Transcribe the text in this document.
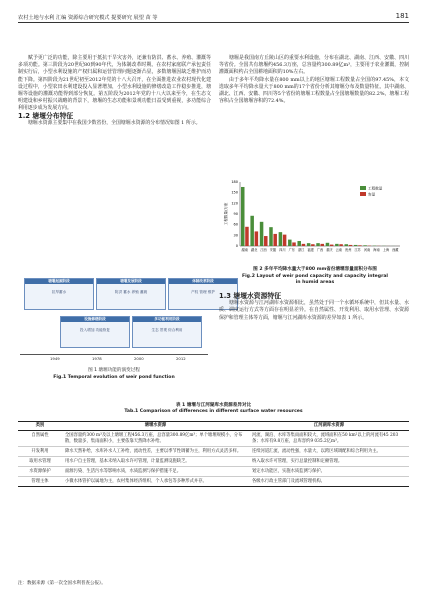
农村土地与水利 汇编 资源综合研究模式 提要研究 展望 苗 等	181

赋予更广泛的功能，除主要用于抵抗干旱灾害外，还兼有防洪、蓄水、养殖、灌溉等多项功能。第三阶段为20世纪80到90年代，为体制改革时期。在农村家庭联产承包责任制实行后，小型水利设施的产权归属和运营管理问题逐渐凸显，多数塘堰因缺乏维护而功能下降。第四阶段为21世纪初至2012年党的十八大召开，在全面推进农业农村现代化建设过程中，小型农田水利建设投入显著增加，小型水利设施的修缮改造工作稳步推进，塘堰等设施的灌溉功能得到部分恢复。第五阶段为2012年党的十八大以来至今，在生态文明建设和乡村振兴战略的背景下，塘堰的生态功能和景观功能日益受到重视，多功能综合利用逐步成为发展方向。

1.2 塘堰分布特征

塘堰水资源主要集中在我国少数省份，全国塘堰水资源的分布情况如图 1 所示。

塘堰起源阶段
抗旱蓄水
塘堰发展阶段
防洪 蓄水 养殖 灌溉
体制改革阶段
产权 管理 维护
设施修缮阶段
投入增加 功能恢复
多功能利用阶段
生态 景观 综合利用
1949	1978	2000	2012
图 1 塘堰功能的演变过程
Fig.1 Temporal evolution of weir pond function

塘堰是我国南方丘陵山区的重要水利设施，分布在湖北、湖南、江西、安徽、四川等省份。全国共有塘堰约456.3万座，总容量约300.89亿m³，主要用于农业灌溉，控制灌溉面积约占全国耕地面积的10%左右。

由于多年平均降水量在800 mm以上的地区塘堰工程数量占全国的97.45%，本文选取多年平均降水量大于800 mm的17个省份分析其塘堰分布及数量特征。其中湖南、湖北、江西、安徽、四川等5个省份的塘堰工程数量占全国塘堰数量的82.2%，塘堰工程容积占全国塘堰容积的72.4%。

0
30
60
90
120
150
180
湖南 湖北 江西 安徽 四川 广东 浙江 福建 广西 重庆 云南 贵州 江苏 河南 海南 上海 西藏
工程数量/万座
工程数量
容量
图 2 多年平均降水量大于800 mm省份塘堰容量面积分布图
Fig.2 Layout of weir pond capacity and capacity integral
in humid areas

1.3 塘堰水资源特征

塘堰水资源与江河湖库水资源相比，虽然处于同一个水循环系统中，但其水量、水质、调度运行方式等方面存在明显差异。在自然属性、开发利用、取用水管理、水资源保护和管理主体等方面，塘堰与江河湖库水资源的差异如表 1 所示。

表 1 塘堰与江河湖库水资源差异对比
Tab.1 Comparison of differences in different surface water resources
类别	塘堰水资源	江河湖库水资源
自然属性	全国容量约300 m³及以上塘堰工程456.3万座，总容量300.89亿m³；单个塘堰规模小，分布散，数量多，集雨面积小，主要依靠天然降水补给。	河流、湖泊、水库等集雨面积较大，流域面积在50 km²以上的河流有45 203条；水库有9.8万座，总库容约9 035.2亿m³。
开发利用	降水天然补给，水库补水人工补给，流动性差，主要以季节性调蓄为主，利用方式灵活多样。	连续河道汇流，流动性强，水量大，以跨区域调配和综合利用为主。
取用水管理	用水户自主管理，基本未纳入取水许可管理，计量监测设施缺乏。	纳入取水许可管理，实行总量控制和定额管理。
水资源保护	面源污染、生活污水等影响水质，水质监测与保护措施不足。	划定水功能区，实施水质监测与保护。
管理主体	小微水体管护以属地为主，农村集体经济组织、个人承包等多种形式并存。	各级水行政主管部门及流域管理机构。
注：数据来源《第一次全国水利普查公报》。
